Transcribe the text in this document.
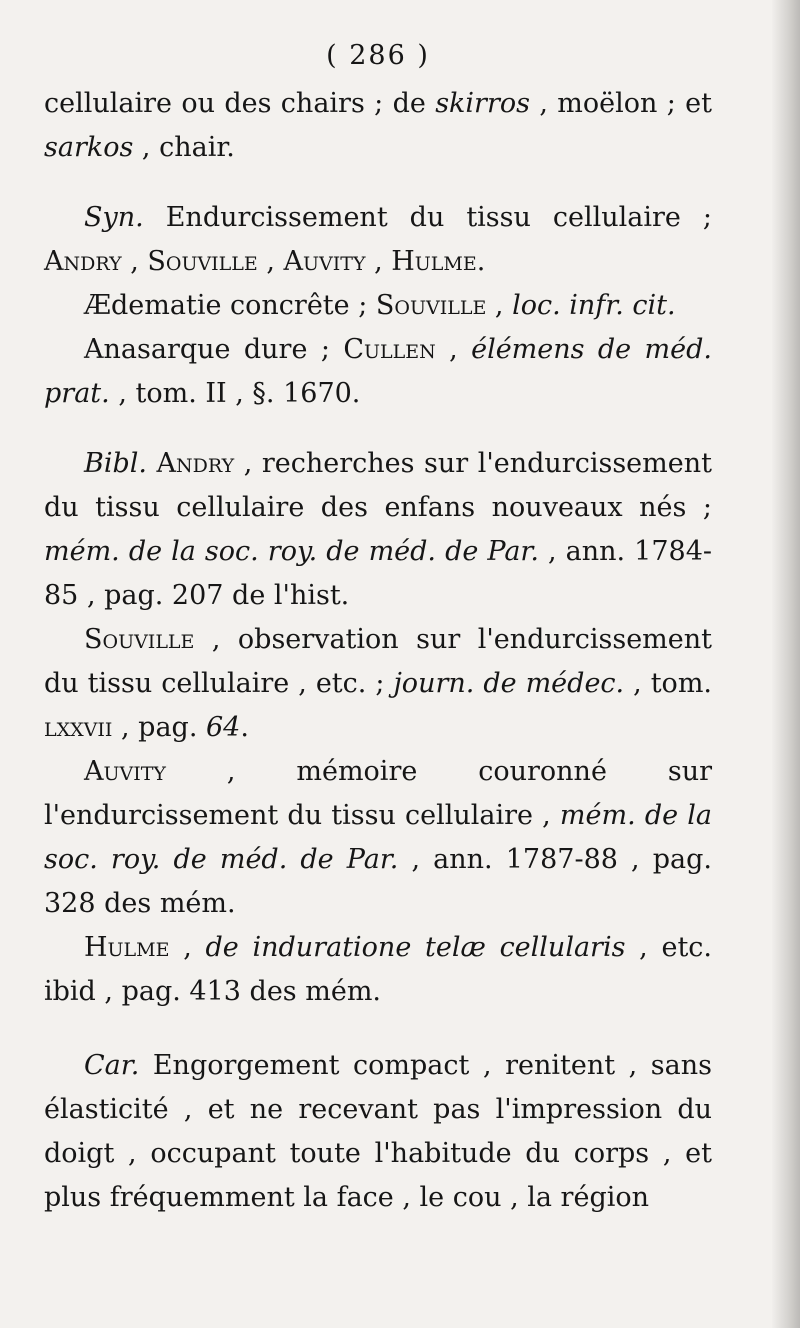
( 286 )

cellulaire ou des chairs ; de skirros , moëlon ; et sarkos , chair.

Syn. Endurcissement du tissu cellulaire ; Andry , Souville , Auvity , Hulme.

Ædematie concrête ; Souville , loc. infr. cit.

Anasarque dure ; Cullen , élémens de méd. prat. , tom. II , §. 1670.

Bibl. Andry , recherches sur l'endurcissement du tissu cellulaire des enfans nouveaux nés ; mém. de la soc. roy. de méd. de Par. , ann. 1784-85 , pag. 207 de l'hist.

Souville , observation sur l'endurcissement du tissu cellulaire , etc. ; journ. de médec. , tom. lxxvii , pag. 64.

Auvity , mémoire couronné sur l'endurcissement du tissu cellulaire , mém. de la soc. roy. de méd. de Par. , ann. 1787-88 , pag. 328 des mém.

Hulme , de induratione telæ cellularis , etc. ibid , pag. 413 des mém.

Car. Engorgement compact , renitent , sans élasticité , et ne recevant pas l'impression du doigt , occupant toute l'habitude du corps , et plus fréquemment la face , le cou , la région
